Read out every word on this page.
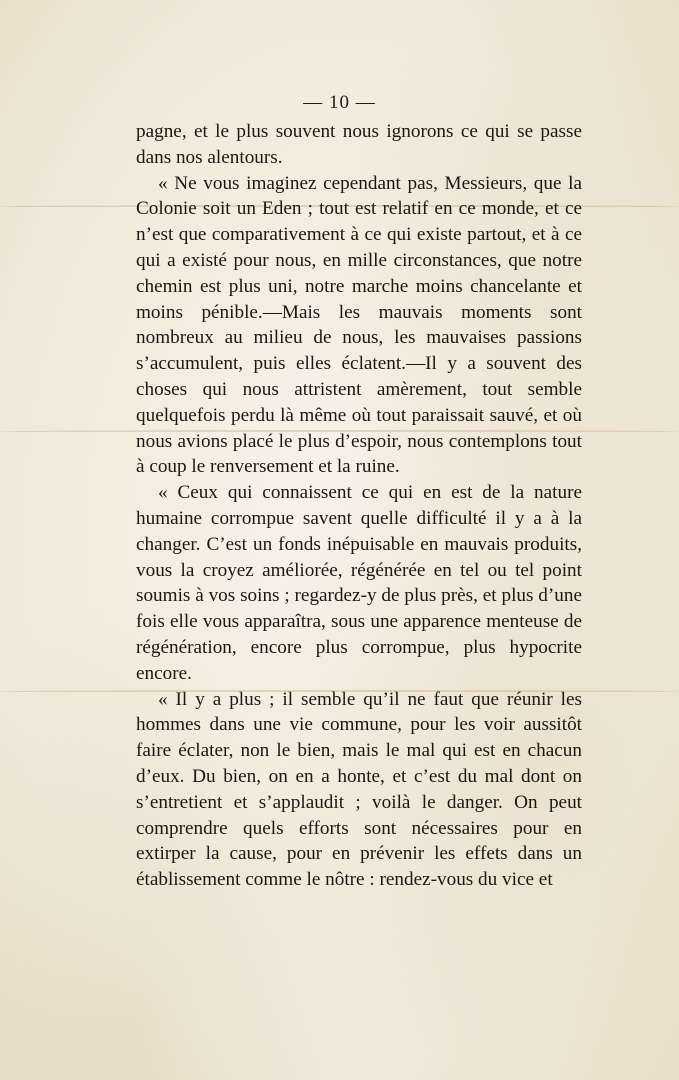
— 10 —

pagne, et le plus souvent nous ignorons ce qui se passe dans nos alentours.

« Ne vous imaginez cependant pas, Messieurs, que la Colonie soit un Eden ; tout est relatif en ce monde, et ce n’est que comparativement à ce qui existe partout, et à ce qui a existé pour nous, en mille circonstances, que notre chemin est plus uni, notre marche moins chancelante et moins pénible.—Mais les mauvais moments sont nombreux au milieu de nous, les mauvaises passions s’accumulent, puis elles éclatent.—Il y a souvent des choses qui nous attristent amèrement, tout semble quelquefois perdu là même où tout paraissait sauvé, et où nous avions placé le plus d’espoir, nous contemplons tout à coup le renversement et la ruine.

« Ceux qui connaissent ce qui en est de la nature humaine corrompue savent quelle difficulté il y a à la changer. C’est un fonds inépuisable en mauvais produits, vous la croyez améliorée, régénérée en tel ou tel point soumis à vos soins ; regardez-y de plus près, et plus d’une fois elle vous apparaîtra, sous une apparence menteuse de régénération, encore plus corrompue, plus hypocrite encore.

« Il y a plus ; il semble qu’il ne faut que réunir les hommes dans une vie commune, pour les voir aussitôt faire éclater, non le bien, mais le mal qui est en chacun d’eux. Du bien, on en a honte, et c’est du mal dont on s’entretient et s’applaudit ; voilà le danger. On peut comprendre quels efforts sont nécessaires pour en extirper la cause, pour en prévenir les effets dans un établissement comme le nôtre : rendez-vous du vice et
